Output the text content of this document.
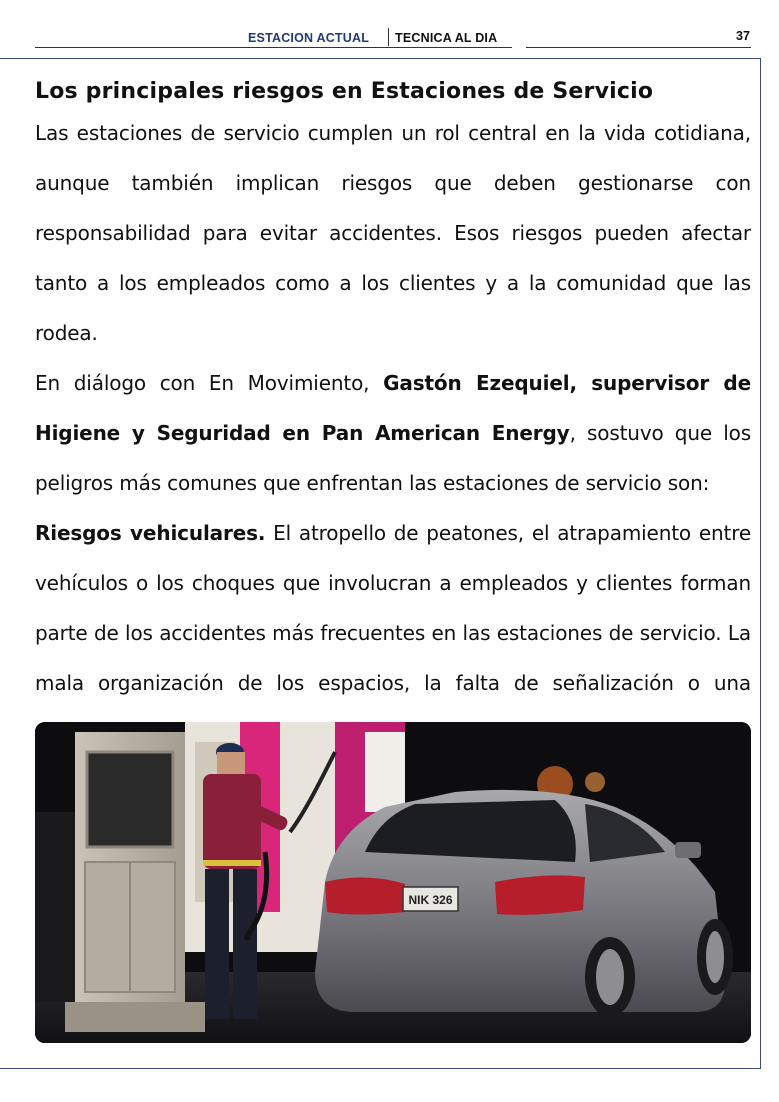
ESTACION ACTUAL TECNICA AL DIA	37
Los principales riesgos en Estaciones de Servicio

Las estaciones de servicio cumplen un rol central en la vida cotidiana, aunque también implican riesgos que deben gestionarse con responsabilidad para evitar accidentes. Esos riesgos pueden afectar tanto a los empleados como a los clientes y a la comunidad que las rodea.

En diálogo con En Movimiento, Gastón Ezequiel, supervisor de Higiene y Seguridad en Pan American Energy, sostuvo que los peligros más comunes que enfrentan las estaciones de servicio son:

Riesgos vehiculares. El atropello de peatones, el atrapamiento entre vehículos o los choques que involucran a empleados y clientes forman parte de los accidentes más frecuentes en las estaciones de servicio. La mala organización de los espacios, la falta de señalización o una

NIK 326
